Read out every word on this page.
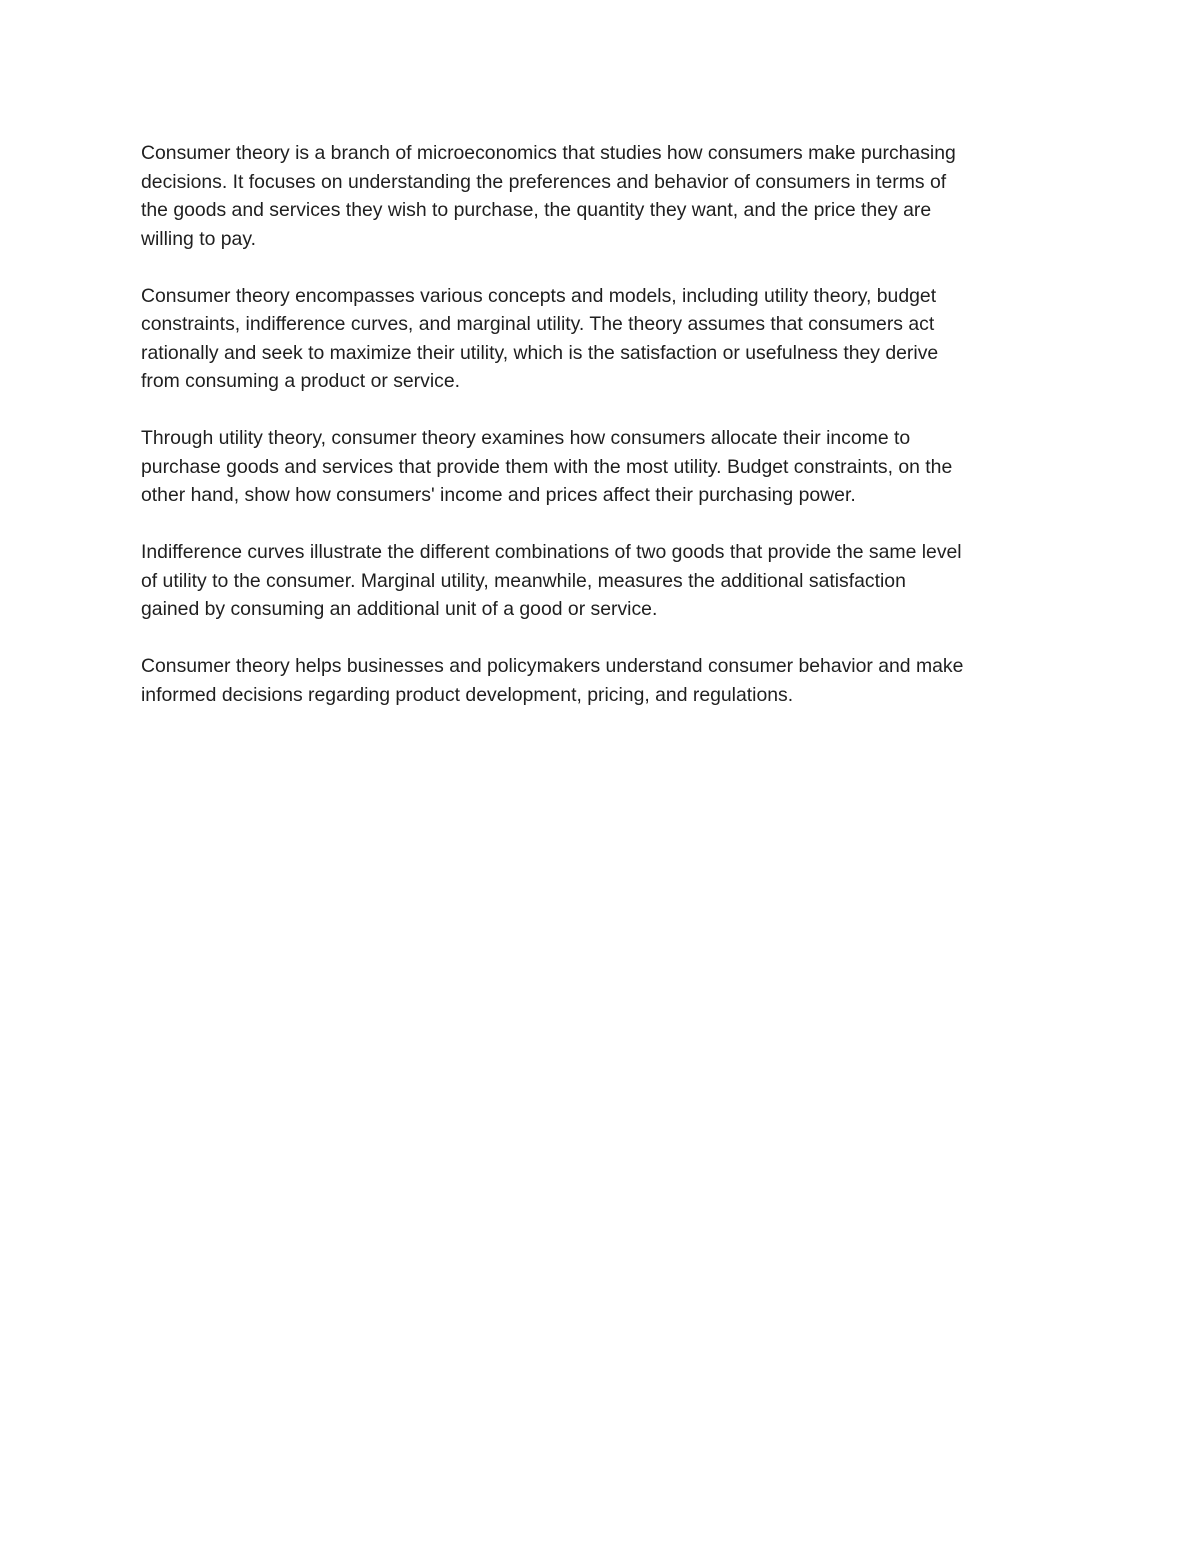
Consumer theory is a branch of microeconomics that studies how consumers make purchasing
decisions. It focuses on understanding the preferences and behavior of consumers in terms of
the goods and services they wish to purchase, the quantity they want, and the price they are
willing to pay.

Consumer theory encompasses various concepts and models, including utility theory, budget
constraints, indifference curves, and marginal utility. The theory assumes that consumers act
rationally and seek to maximize their utility, which is the satisfaction or usefulness they derive
from consuming a product or service.

Through utility theory, consumer theory examines how consumers allocate their income to
purchase goods and services that provide them with the most utility. Budget constraints, on the
other hand, show how consumers' income and prices affect their purchasing power.

Indifference curves illustrate the different combinations of two goods that provide the same level
of utility to the consumer. Marginal utility, meanwhile, measures the additional satisfaction
gained by consuming an additional unit of a good or service.

Consumer theory helps businesses and policymakers understand consumer behavior and make
informed decisions regarding product development, pricing, and regulations.
